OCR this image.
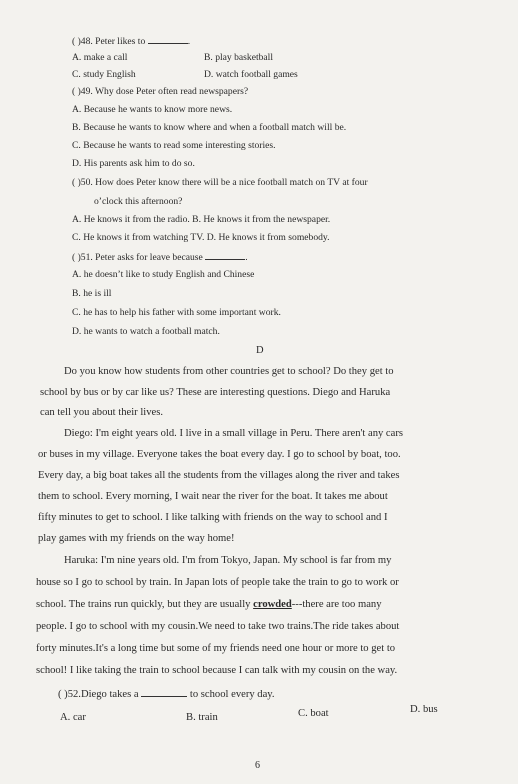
( )48. Peter likes to	.
A. make a call	B. play basketball
C. study English	D. watch football games
( )49. Why dose Peter often read newspapers?
A. Because he wants to know more news.
B. Because he wants to know where and when a football match will be.
C. Because he wants to read some interesting stories.
D. His parents ask him to do so.
( )50. How does Peter know there will be a nice football match on TV at four
o’clock this afternoon?
A. He knows it from the radio. B. He knows it from the newspaper.
C. He knows it from watching TV. D. He knows it from somebody.
( )51. Peter asks for leave because	.
A. he doesn’t like to study English and Chinese
B. he is ill
C. he has to help his father with some important work.
D. he wants to watch a football match.
D
Do you know how students from other countries get to school? Do they get to
school by bus or by car like us? These are interesting questions. Diego and Haruka
can tell you about their lives.
Diego: I'm eight years old. I live in a small village in Peru. There aren't any cars
or buses in my village. Everyone takes the boat every day. I go to school by boat, too.
Every day, a big boat takes all the students from the villages along the river and takes
them to school. Every morning, I wait near the river for the boat. It takes me about
fifty minutes to get to school. I like talking with friends on the way to school and I
play games with my friends on the way home!
Haruka: I'm nine years old. I'm from Tokyo, Japan. My school is far from my
house so I go to school by train. In Japan lots of people take the train to go to work or
school. The trains run quickly, but they are usually crowded---there are too many
people. I go to school with my cousin.We need to take two trains.The ride takes about
forty minutes.It's a long time but some of my friends need one hour or more to get to
school! I like taking the train to school because I can talk with my cousin on the way.
( )52.Diego takes a	to school every day.
A. car	B. train	C. boat	D. bus
6
